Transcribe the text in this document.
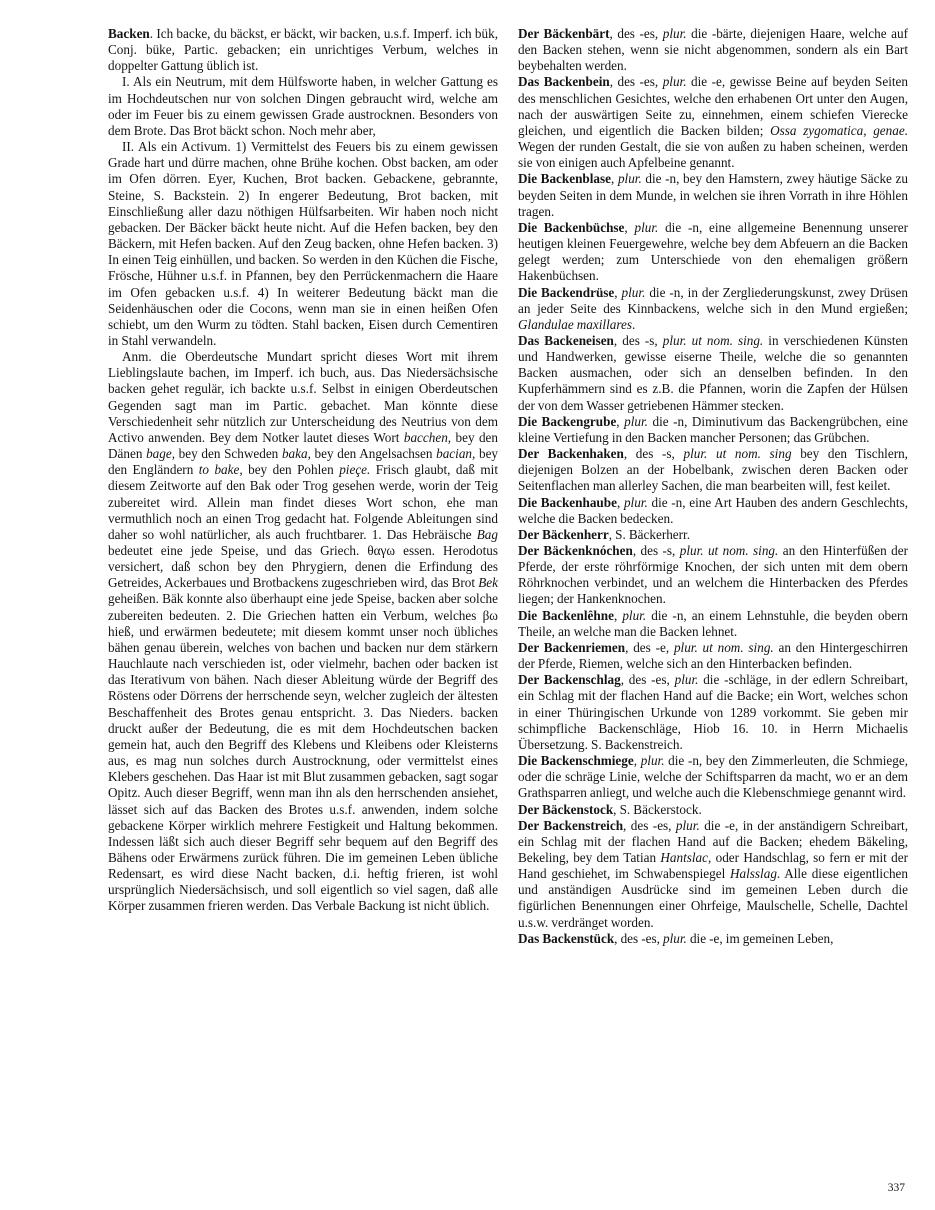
Backen. Ich backe, du bäckst, er bäckt, wir backen, u.s.f. Imperf. ich bük, Conj. büke, Partic. gebacken; ein unrichtiges Verbum, welches in doppelter Gattung üblich ist.

I. Als ein Neutrum, mit dem Hülfsworte haben, in welcher Gattung es im Hochdeutschen nur von solchen Dingen gebraucht wird, welche am oder im Feuer bis zu einem gewissen Grade austrocknen. Besonders von dem Brote. Das Brot bäckt schon. Noch mehr aber,

II. Als ein Activum. 1) Vermittelst des Feuers bis zu einem gewissen Grade hart und dürre machen, ohne Brühe kochen. Obst backen, am oder im Ofen dörren. Eyer, Kuchen, Brot backen. Gebackene, gebrannte, Steine, S. Backstein. 2) In engerer Bedeutung, Brot backen, mit Einschließung aller dazu nöthigen Hülfsarbeiten. Wir haben noch nicht gebacken. Der Bäcker bäckt heute nicht. Auf die Hefen backen, bey den Bäckern, mit Hefen backen. Auf den Zeug backen, ohne Hefen backen. 3) In einen Teig einhüllen, und backen. So werden in den Küchen die Fische, Frösche, Hühner u.s.f. in Pfannen, bey den Perrückenmachern die Haare im Ofen gebacken u.s.f. 4) In weiterer Bedeutung bäckt man die Seidenhäuschen oder die Cocons, wenn man sie in einen heißen Ofen schiebt, um den Wurm zu tödten. Stahl backen, Eisen durch Cementiren in Stahl verwandeln.

Anm. die Oberdeutsche Mundart spricht dieses Wort mit ihrem Lieblingslaute bachen, im Imperf. ich buch, aus. Das Niedersächsische backen gehet regulär, ich backte u.s.f. Selbst in einigen Oberdeutschen Gegenden sagt man im Partic. gebachet. Man könnte diese Verschiedenheit sehr nützlich zur Unterscheidung des Neutrius von dem Activo anwenden. Bey dem Notker lautet dieses Wort bacchen, bey den Dänen bage, bey den Schweden baka, bey den Angelsachsen bacian, bey den Engländern to bake, bey den Pohlen pieçe. Frisch glaubt, daß mit diesem Zeitworte auf den Bak oder Trog gesehen werde, worin der Teig zubereitet wird. Allein man findet dieses Wort schon, ehe man vermuthlich noch an einen Trog gedacht hat. Folgende Ableitungen sind daher so wohl natürlicher, als auch fruchtbarer. 1. Das Hebräische Bag bedeutet eine jede Speise, und das Griech. θαγω essen. Herodotus versichert, daß schon bey den Phrygiern, denen die Erfindung des Getreides, Ackerbaues und Brotbackens zugeschrieben wird, das Brot Bek geheißen. Bäk konnte also überhaupt eine jede Speise, backen aber solche zubereiten bedeuten. 2. Die Griechen hatten ein Verbum, welches βω hieß, und erwärmen bedeutete; mit diesem kommt unser noch übliches bähen genau überein, welches von bachen und backen nur dem stärkern Hauchlaute nach verschieden ist, oder vielmehr, bachen oder backen ist das Iterativum von bähen. Nach dieser Ableitung würde der Begriff des Röstens oder Dörrens der herrschende seyn, welcher zugleich der ältesten Beschaffenheit des Brotes genau entspricht. 3. Das Nieders. backen druckt außer der Bedeutung, die es mit dem Hochdeutschen backen gemein hat, auch den Begriff des Klebens und Kleibens oder Kleisterns aus, es mag nun solches durch Austrocknung, oder vermittelst eines Klebers geschehen. Das Haar ist mit Blut zusammen gebacken, sagt sogar Opitz. Auch dieser Begriff, wenn man ihn als den herrschenden ansiehet, lässet sich auf das Backen des Brotes u.s.f. anwenden, indem solche gebackene Körper wirklich mehrere Festigkeit und Haltung bekommen. Indessen läßt sich auch dieser Begriff sehr bequem auf den Begriff des Bähens oder Erwärmens zurück führen. Die im gemeinen Leben übliche Redensart, es wird diese Nacht backen, d.i. heftig frieren, ist wohl ursprünglich Niedersächsisch, und soll eigentlich so viel sagen, daß alle Körper zusammen frieren werden. Das Verbale Backung ist nicht üblich.

Der Bäckenbärt, des -es, plur. die -bärte, diejenigen Haare, welche auf den Backen stehen, wenn sie nicht abgenommen, sondern als ein Bart beybehalten werden.

Das Backenbein, des -es, plur. die -e, gewisse Beine auf beyden Seiten des menschlichen Gesichtes, welche den erhabenen Ort unter den Augen, nach der auswärtigen Seite zu, einnehmen, einem schiefen Vierecke gleichen, und eigentlich die Backen bilden; Ossa zygomatica, genae. Wegen der runden Gestalt, die sie von außen zu haben scheinen, werden sie von einigen auch Apfelbeine genannt.

Die Backenblase, plur. die -n, bey den Hamstern, zwey häutige Säcke zu beyden Seiten in dem Munde, in welchen sie ihren Vorrath in ihre Höhlen tragen.

Die Backenbüchse, plur. die -n, eine allgemeine Benennung unserer heutigen kleinen Feuergewehre, welche bey dem Abfeuern an die Backen gelegt werden; zum Unterschiede von den ehemaligen größern Hakenbüchsen.

Die Backendrüse, plur. die -n, in der Zergliederungskunst, zwey Drüsen an jeder Seite des Kinnbackens, welche sich in den Mund ergießen; Glandulae maxillares.

Das Backeneisen, des -s, plur. ut nom. sing. in verschiedenen Künsten und Handwerken, gewisse eiserne Theile, welche die so genannten Backen ausmachen, oder sich an denselben befinden. In den Kupferhämmern sind es z.B. die Pfannen, worin die Zapfen der Hülsen der von dem Wasser getriebenen Hämmer stecken.

Die Backengrube, plur. die -n, Diminutivum das Backengrübchen, eine kleine Vertiefung in den Backen mancher Personen; das Grübchen.

Der Backenhaken, des -s, plur. ut nom. sing bey den Tischlern, diejenigen Bolzen an der Hobelbank, zwischen deren Backen oder Seitenflachen man allerley Sachen, die man bearbeiten will, fest keilet.

Die Backenhaube, plur. die -n, eine Art Hauben des andern Geschlechts, welche die Backen bedecken.

Der Bäckenherr, S. Bäckerherr.

Der Bäckenknóchen, des -s, plur. ut nom. sing. an den Hinterfüßen der Pferde, der erste röhrförmige Knochen, der sich unten mit dem obern Röhrknochen verbindet, und an welchem die Hinterbacken des Pferdes liegen; der Hankenknochen.

Die Backenlêhne, plur. die -n, an einem Lehnstuhle, die beyden obern Theile, an welche man die Backen lehnet.

Der Backenriemen, des -e, plur. ut nom. sing. an den Hintergeschirren der Pferde, Riemen, welche sich an den Hinterbacken befinden.

Der Backenschlag, des -es, plur. die -schläge, in der edlern Schreibart, ein Schlag mit der flachen Hand auf die Backe; ein Wort, welches schon in einer Thüringischen Urkunde von 1289 vorkommt. Sie geben mir schimpfliche Backenschläge, Hiob 16. 10. in Herrn Michaelis Übersetzung. S. Backenstreich.

Die Backenschmiege, plur. die -n, bey den Zimmerleuten, die Schmiege, oder die schräge Linie, welche der Schiftsparren da macht, wo er an dem Grathsparren anliegt, und welche auch die Klebenschmiege genannt wird.

Der Bäckenstock, S. Bäckerstock.

Der Backenstreich, des -es, plur. die -e, in der anständigern Schreibart, ein Schlag mit der flachen Hand auf die Backen; ehedem Bäkeling, Bekeling, bey dem Tatian Hantslac, oder Handschlag, so fern er mit der Hand geschiehet, im Schwabenspiegel Halsslag. Alle diese eigentlichen und anständigen Ausdrücke sind im gemeinen Leben durch die figürlichen Benennungen einer Ohrfeige, Maulschelle, Schelle, Dachtel u.s.w. verdränget worden.

Das Backenstück, des -es, plur. die -e, im gemeinen Leben,

337
